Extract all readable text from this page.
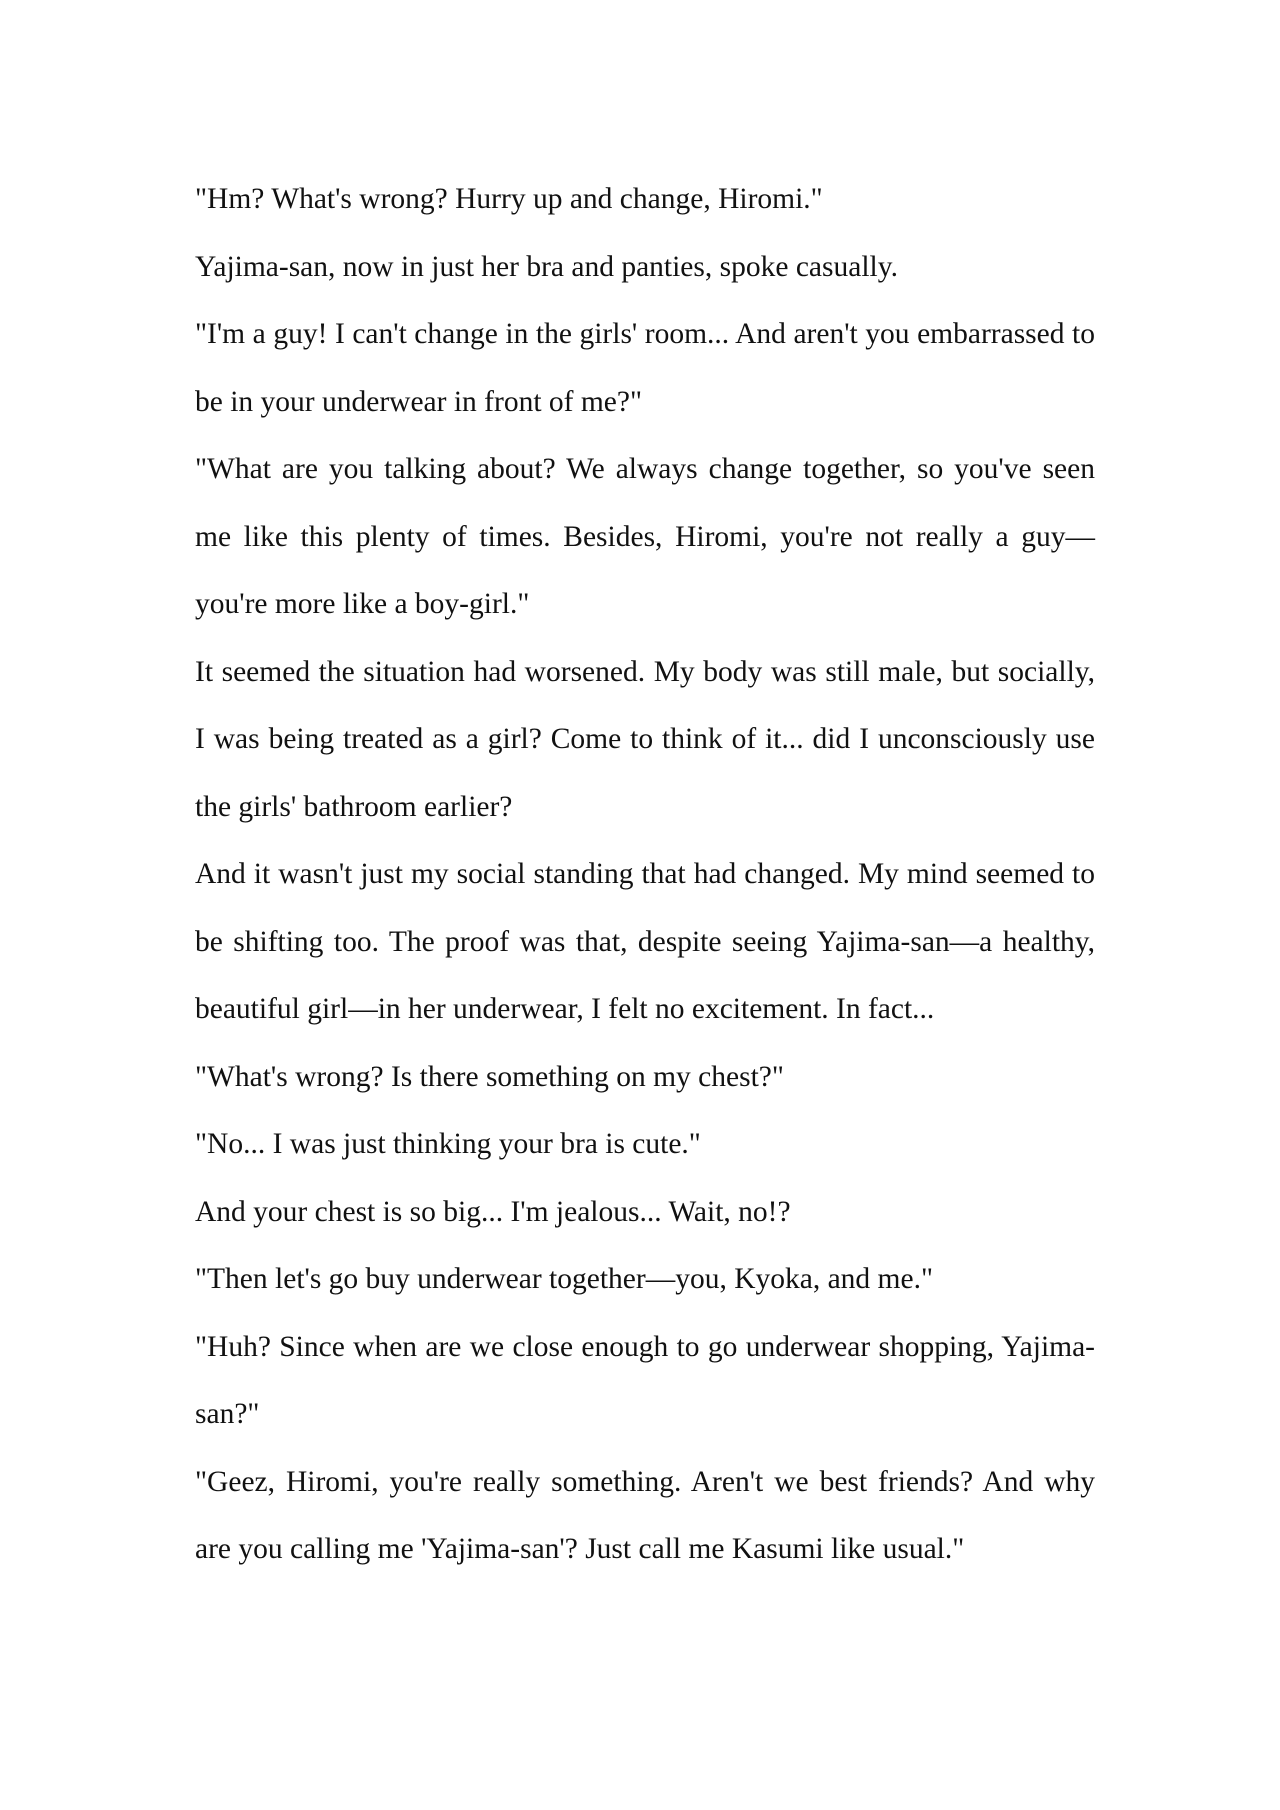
"Hm? What's wrong? Hurry up and change, Hiromi."

Yajima-san, now in just her bra and panties, spoke casually.

"I'm a guy! I can't change in the girls' room... And aren't you embarrassed to be in your underwear in front of me?"

"What are you talking about? We always change together, so you've seen me like this plenty of times. Besides, Hiromi, you're not really a guy—you're more like a boy-girl."

It seemed the situation had worsened. My body was still male, but socially, I was being treated as a girl? Come to think of it... did I unconsciously use the girls' bathroom earlier?

And it wasn't just my social standing that had changed. My mind seemed to be shifting too. The proof was that, despite seeing Yajima-san—a healthy, beautiful girl—in her underwear, I felt no excitement. In fact...

"What's wrong? Is there something on my chest?"

"No... I was just thinking your bra is cute."

And your chest is so big... I'm jealous... Wait, no!?

"Then let's go buy underwear together—you, Kyoka, and me."

"Huh? Since when are we close enough to go underwear shopping, Yajima-san?"

"Geez, Hiromi, you're really something. Aren't we best friends? And why are you calling me 'Yajima-san'? Just call me Kasumi like usual."
